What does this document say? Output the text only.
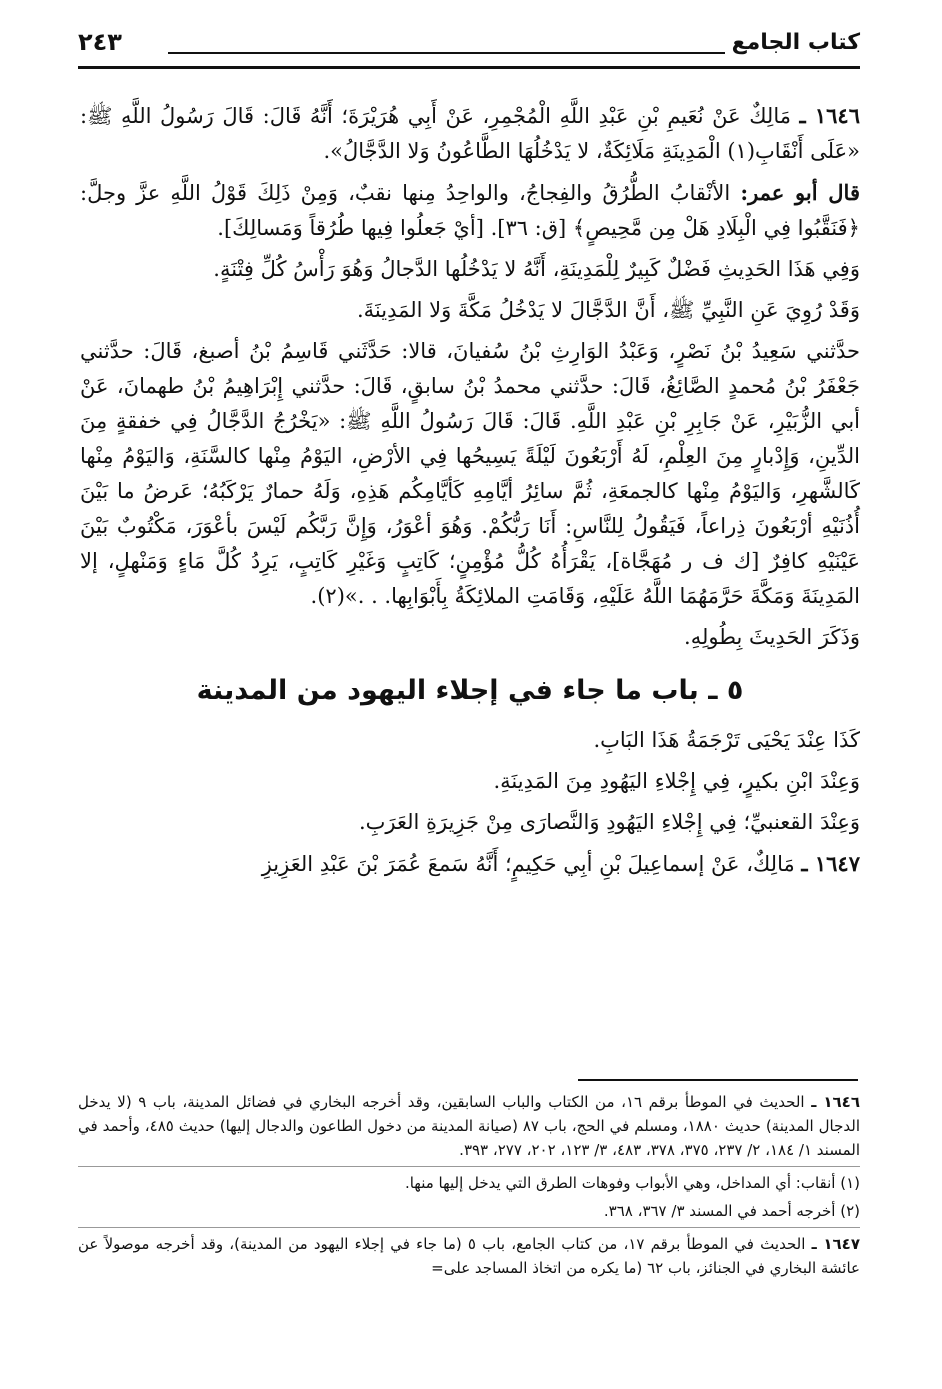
كتاب الجامع
٢٤٣

١٦٤٦ ـ مَالِكٌ عَنْ نُعَيمِ بْنِ عَبْدِ اللَّهِ الْمُجْمِرِ، عَنْ أَبِي هُرَيْرَةَ؛ أَنَّهُ قَالَ: قَالَ رَسُولُ اللَّهِ ﷺ: «عَلَى أَنْقَابِ(١) الْمَدِينَةِ مَلَائِكَةٌ، لا يَدْخُلُهَا الطَّاعُونُ وَلا الدَّجَّالُ».

قال أبو عمر: الأنْقابُ الطُّرُقُ والفِجاجُ، والواحِدُ مِنها نقبٌ، وَمِنْ ذَلِكَ قَوْلُ اللَّهِ عزَّ وجلَّ: ﴿فَنَقَّبُوا فِي الْبِلَادِ هَلْ مِن مَّحِيصٍ﴾ [ق: ٣٦]. [أيْ جَعلُوا فِيها طُرُقاً وَمَسالِكَ].

وَفِي هَذَا الحَدِيثِ فَضْلٌ كَبِيرٌ لِلْمَدِينَةِ، أَنَّهُ لا يَدْخُلُها الدَّجالُ وَهُوَ رَأْسُ كُلِّ فِتْنَةٍ.

وَقَدْ رُوِيَ عَنِ النَّبِيِّ ﷺ، أَنَّ الدَّجَّالَ لا يَدْخُلُ مَكَّةَ وَلا المَدِينَةَ.

حدَّثني سَعِيدُ بْنُ نَصْرٍ، وَعَبْدُ الوَارِثِ بْنُ سُفيانَ، قالا: حَدَّثَني قَاسِمُ بْنُ أصبغ، قَالَ: حدَّثني جَعْفَرُ بْنُ مُحمدٍ الصَّائِغُ، قَالَ: حدَّثني محمدُ بْنُ سابقٍ، قَالَ: حدَّثني إِبْرَاهِيمُ بْنُ طهمانَ، عَنْ أبي الزُّبَيْرِ، عَنْ جَابِرِ بْنِ عَبْدِ اللَّهِ. قَالَ: قَالَ رَسُولُ اللَّهِ ﷺ: «يَخْرُجُ الدَّجَّالُ فِي خفقةٍ مِنَ الدِّينِ، وَإِدْبارٍ مِنَ العِلْمِ، لَهُ أَرْبَعُونَ لَيْلَةً يَسِيحُها فِي الأرْضِ، اليَوْمُ مِنْها كالسَّنَةِ، وَاليَوْمُ مِنْها كَالشَّهرِ، وَاليَوْمُ مِنْها كالجمعَةِ، ثُمَّ سائِرُ أيَّامِهِ كَأيَّامِكُم هَذِهِ، وَلَهُ حمارٌ يَرْكَبُهُ؛ عَرضُ ما بَيْنَ أُذُنَيْهِ أرْبَعُونَ ذِراعاً، فَيَقُولُ لِلنَّاسِ: أَنَا رَبُّكُمْ. وَهُوَ أعْوَرُ، وَإِنَّ رَبَّكُم لَيْسَ بأعْوَرَ، مَكْتُوبٌ بَيْنَ عَيْنَيْهِ كافِرٌ [ك ف ر مُهَجَّاة]، يَقْرَأُهُ كُلُّ مُؤْمِنٍ؛ كَاتِبٍ وَغَيْرِ كَاتِبٍ، يَرِدُ كُلَّ مَاءٍ وَمَنْهلٍ، إلا المَدِينَةَ وَمَكَّةَ حَرَّمَهُمَا اللَّهُ عَلَيْهِ، وَقَامَتِ الملائِكَةُ بِأَبْوَابِها. . .»(٢).

وَذَكَرَ الحَدِيثَ بِطُولِهِ.

٥ ـ باب ما جاء في إجلاء اليهود من المدينة

كَذَا عِنْدَ يَحْيَى تَرْجَمَةُ هَذَا البَابِ.

وَعِنْدَ ابْنِ بكيرٍ، فِي إِجْلاءِ اليَهُودِ مِنَ المَدِينَةِ.

وَعِنْدَ القعنبيِّ؛ فِي إِجْلاءِ اليَهُودِ وَالنَّصارَى مِنْ جَزِيرَةِ العَرَبِ.

١٦٤٧ ـ مَالِكٌ، عَنْ إسماعِيلَ بْنِ أبِي حَكِيمٍ؛ أَنَّهُ سَمعَ عُمَرَ بْنَ عَبْدِ العَزِيزِ

١٦٤٦ ـ الحديث في الموطأ برقم ١٦، من الكتاب والباب السابقين، وقد أخرجه البخاري في فضائل المدينة، باب ٩ (لا يدخل الدجال المدينة) حديث ١٨٨٠، ومسلم في الحج، باب ٨٧ (صيانة المدينة من دخول الطاعون والدجال إليها) حديث ٤٨٥، وأحمد في المسند ١/ ١٨٤، ٢/ ٢٣٧، ٣٧٥، ٣٧٨، ٤٨٣، ٣/ ١٢٣، ٢٠٢، ٢٧٧، ٣٩٣.

(١) أنقاب: أي المداخل، وهي الأبواب وفوهات الطرق التي يدخل إليها منها.

(٢) أخرجه أحمد في المسند ٣/ ٣٦٧، ٣٦٨.

١٦٤٧ ـ الحديث في الموطأ برقم ١٧، من كتاب الجامع، باب ٥ (ما جاء في إجلاء اليهود من المدينة)، وقد أخرجه موصولاً عن عائشة البخاري في الجنائز، باب ٦٢ (ما يكره من اتخاذ المساجد على=
